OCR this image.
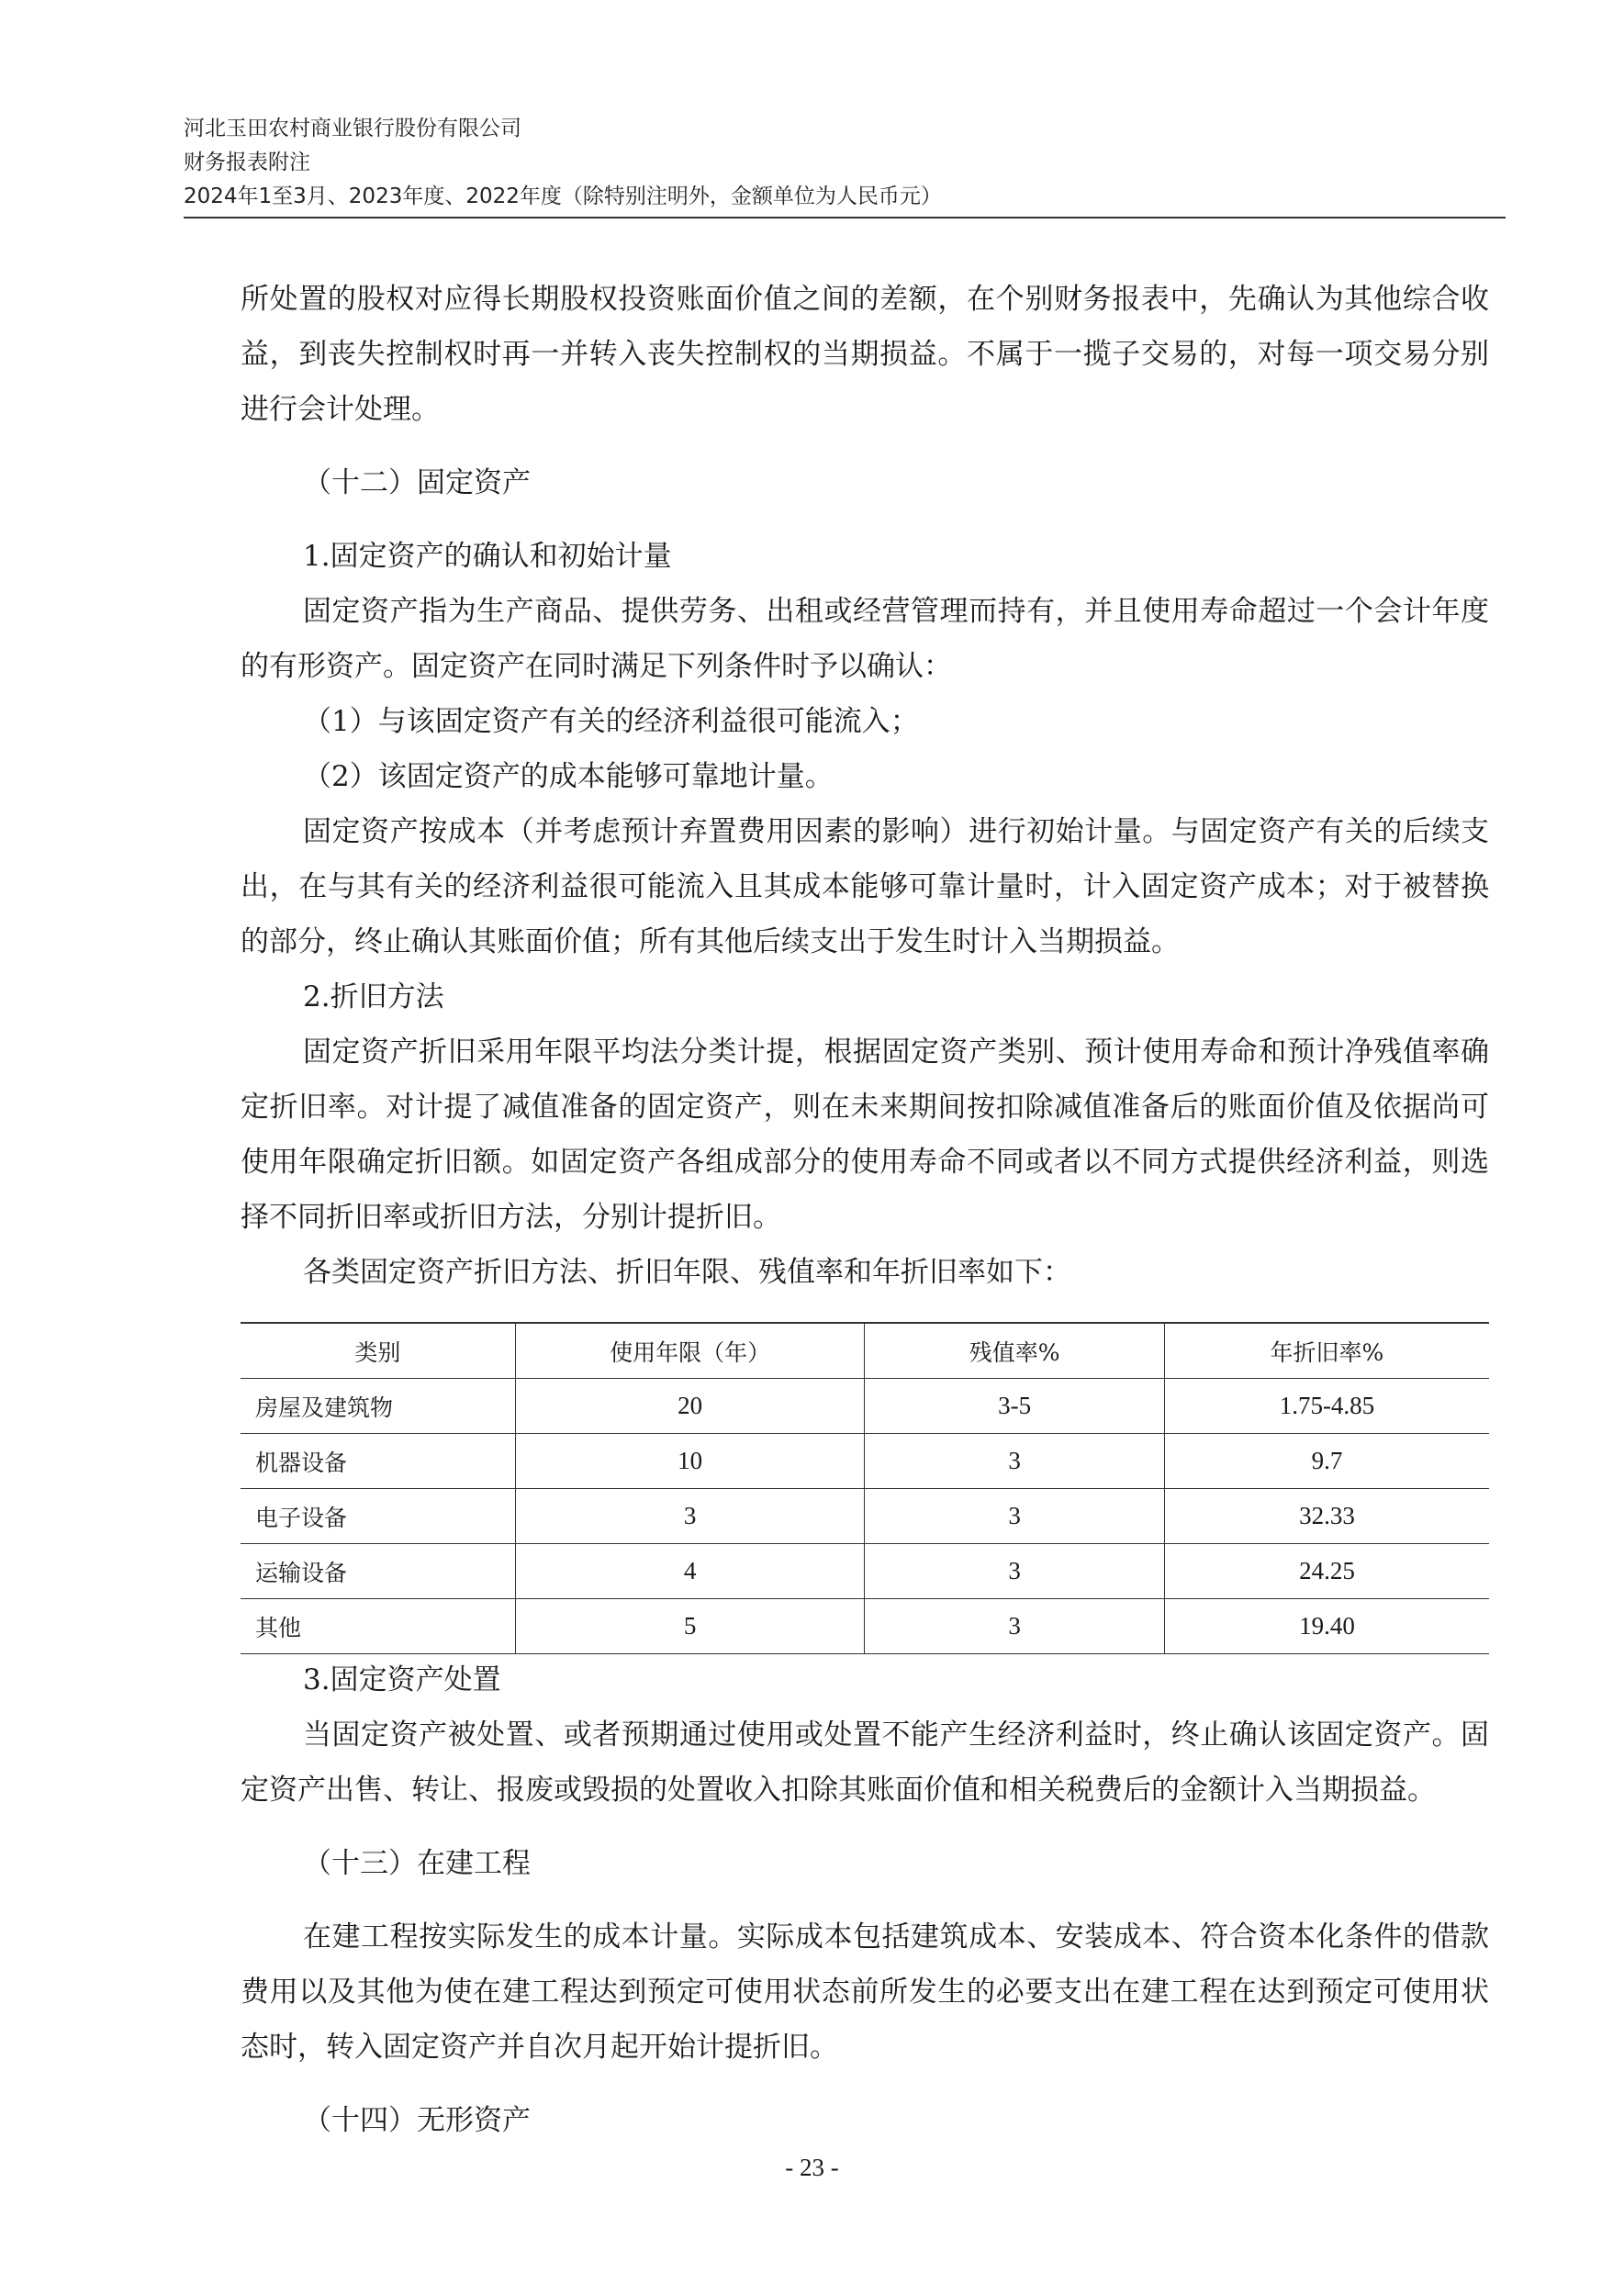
河北玉田农村商业银行股份有限公司
财务报表附注
2024年1至3月、2023年度、2022年度（除特别注明外，金额单位为人民币元）

所处置的股权对应得长期股权投资账面价值之间的差额，在个别财务报表中，先确认为其他综合收益，到丧失控制权时再一并转入丧失控制权的当期损益。不属于一揽子交易的，对每一项交易分别进行会计处理。

（十二）固定资产

1.固定资产的确认和初始计量

固定资产指为生产商品、提供劳务、出租或经营管理而持有，并且使用寿命超过一个会计年度的有形资产。固定资产在同时满足下列条件时予以确认：

（1）与该固定资产有关的经济利益很可能流入；

（2）该固定资产的成本能够可靠地计量。

固定资产按成本（并考虑预计弃置费用因素的影响）进行初始计量。与固定资产有关的后续支出，在与其有关的经济利益很可能流入且其成本能够可靠计量时，计入固定资产成本；对于被替换的部分，终止确认其账面价值；所有其他后续支出于发生时计入当期损益。

2.折旧方法

固定资产折旧采用年限平均法分类计提，根据固定资产类别、预计使用寿命和预计净残值率确定折旧率。对计提了减值准备的固定资产，则在未来期间按扣除减值准备后的账面价值及依据尚可使用年限确定折旧额。如固定资产各组成部分的使用寿命不同或者以不同方式提供经济利益，则选择不同折旧率或折旧方法，分别计提折旧。

各类固定资产折旧方法、折旧年限、残值率和年折旧率如下：

类别	使用年限（年）	残值率%	年折旧率%
房屋及建筑物	20	3-5	1.75-4.85
机器设备	10	3	9.7
电子设备	3	3	32.33
运输设备	4	3	24.25
其他	5	3	19.40

3.固定资产处置

当固定资产被处置、或者预期通过使用或处置不能产生经济利益时，终止确认该固定资产。固定资产出售、转让、报废或毁损的处置收入扣除其账面价值和相关税费后的金额计入当期损益。

（十三）在建工程

在建工程按实际发生的成本计量。实际成本包括建筑成本、安装成本、符合资本化条件的借款费用以及其他为使在建工程达到预定可使用状态前所发生的必要支出在建工程在达到预定可使用状态时，转入固定资产并自次月起开始计提折旧。

（十四）无形资产

- 23 -
